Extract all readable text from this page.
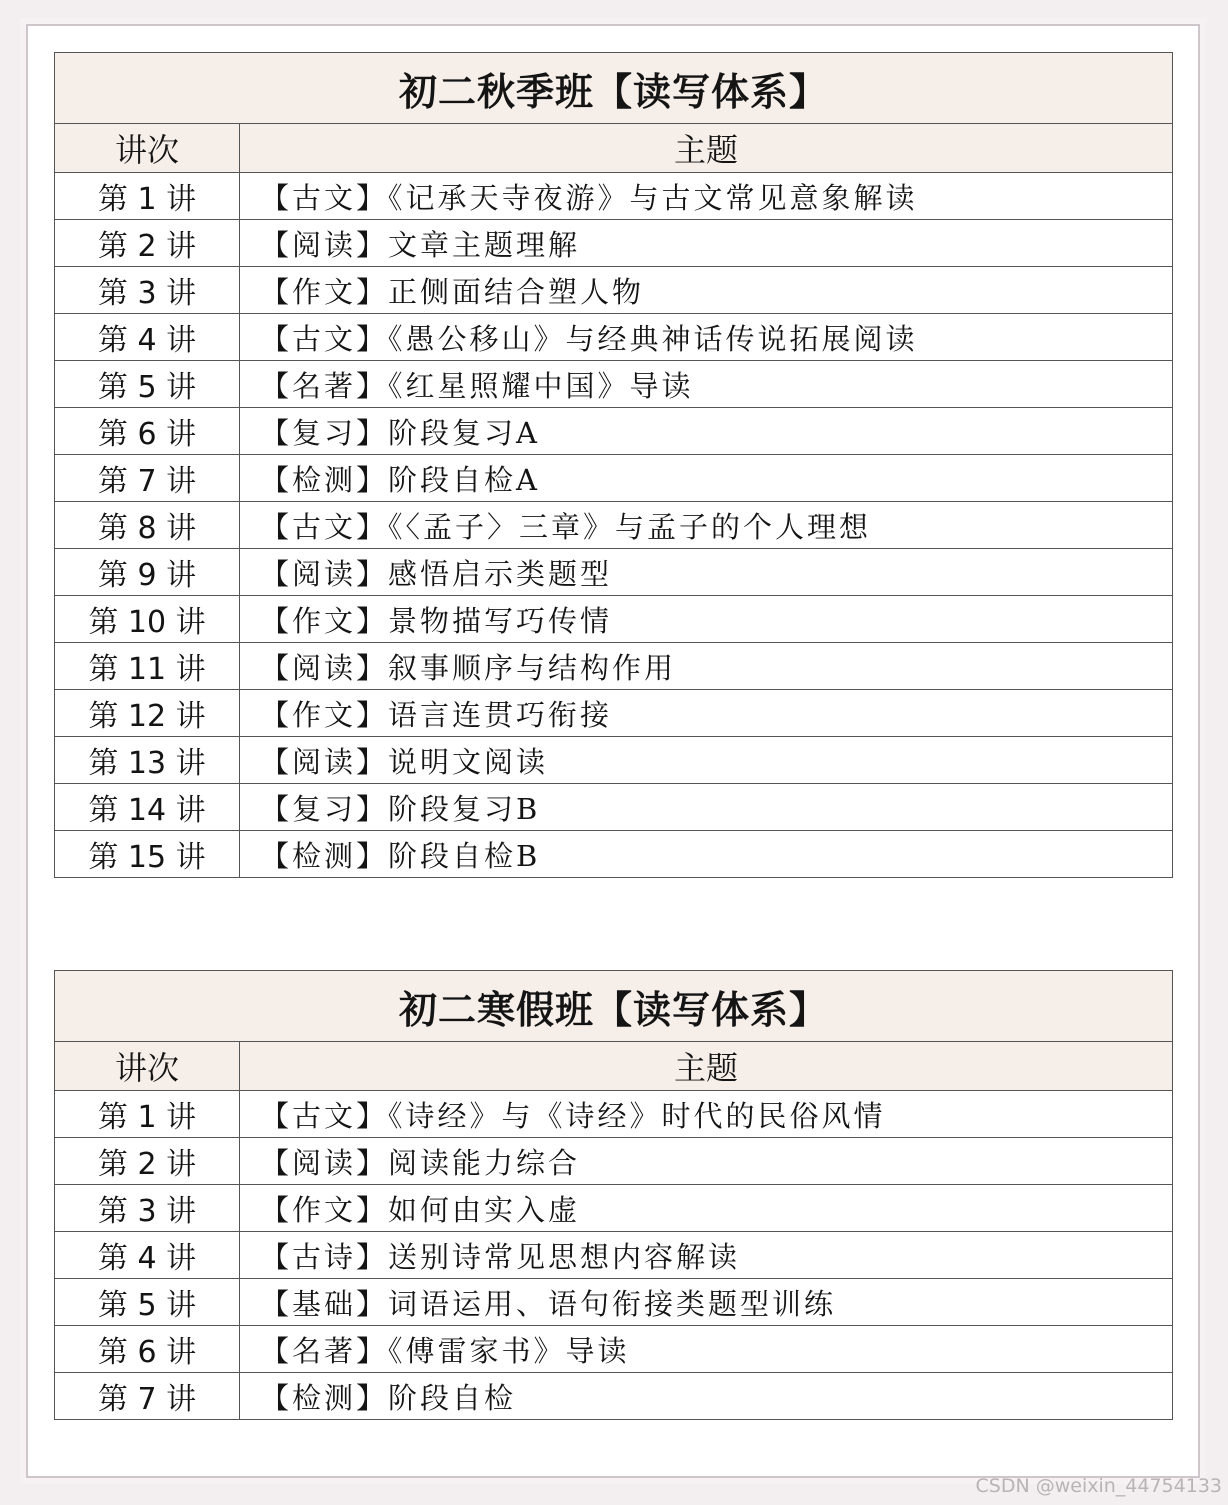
初二秋季班【读写体系】	
讲次	主题
第 1 讲	【古文】《记承天寺夜游》与古文常见意象解读
第 2 讲	【阅读】文章主题理解
第 3 讲	【作文】正侧面结合塑人物
第 4 讲	【古文】《愚公移山》与经典神话传说拓展阅读
第 5 讲	【名著】《红星照耀中国》导读
第 6 讲	【复习】阶段复习A
第 7 讲	【检测】阶段自检A
第 8 讲	【古文】《〈孟子〉三章》与孟子的个人理想
第 9 讲	【阅读】感悟启示类题型
第 10 讲	【作文】景物描写巧传情
第 11 讲	【阅读】叙事顺序与结构作用
第 12 讲	【作文】语言连贯巧衔接
第 13 讲	【阅读】说明文阅读
第 14 讲	【复习】阶段复习B
第 15 讲	【检测】阶段自检B
初二寒假班【读写体系】	
讲次	主题
第 1 讲	【古文】《诗经》与《诗经》时代的民俗风情
第 2 讲	【阅读】阅读能力综合
第 3 讲	【作文】如何由实入虚
第 4 讲	【古诗】送别诗常见思想内容解读
第 5 讲	【基础】词语运用、语句衔接类题型训练
第 6 讲	【名著】《傅雷家书》导读
第 7 讲	【检测】阶段自检
CSDN @weixin_44754133
